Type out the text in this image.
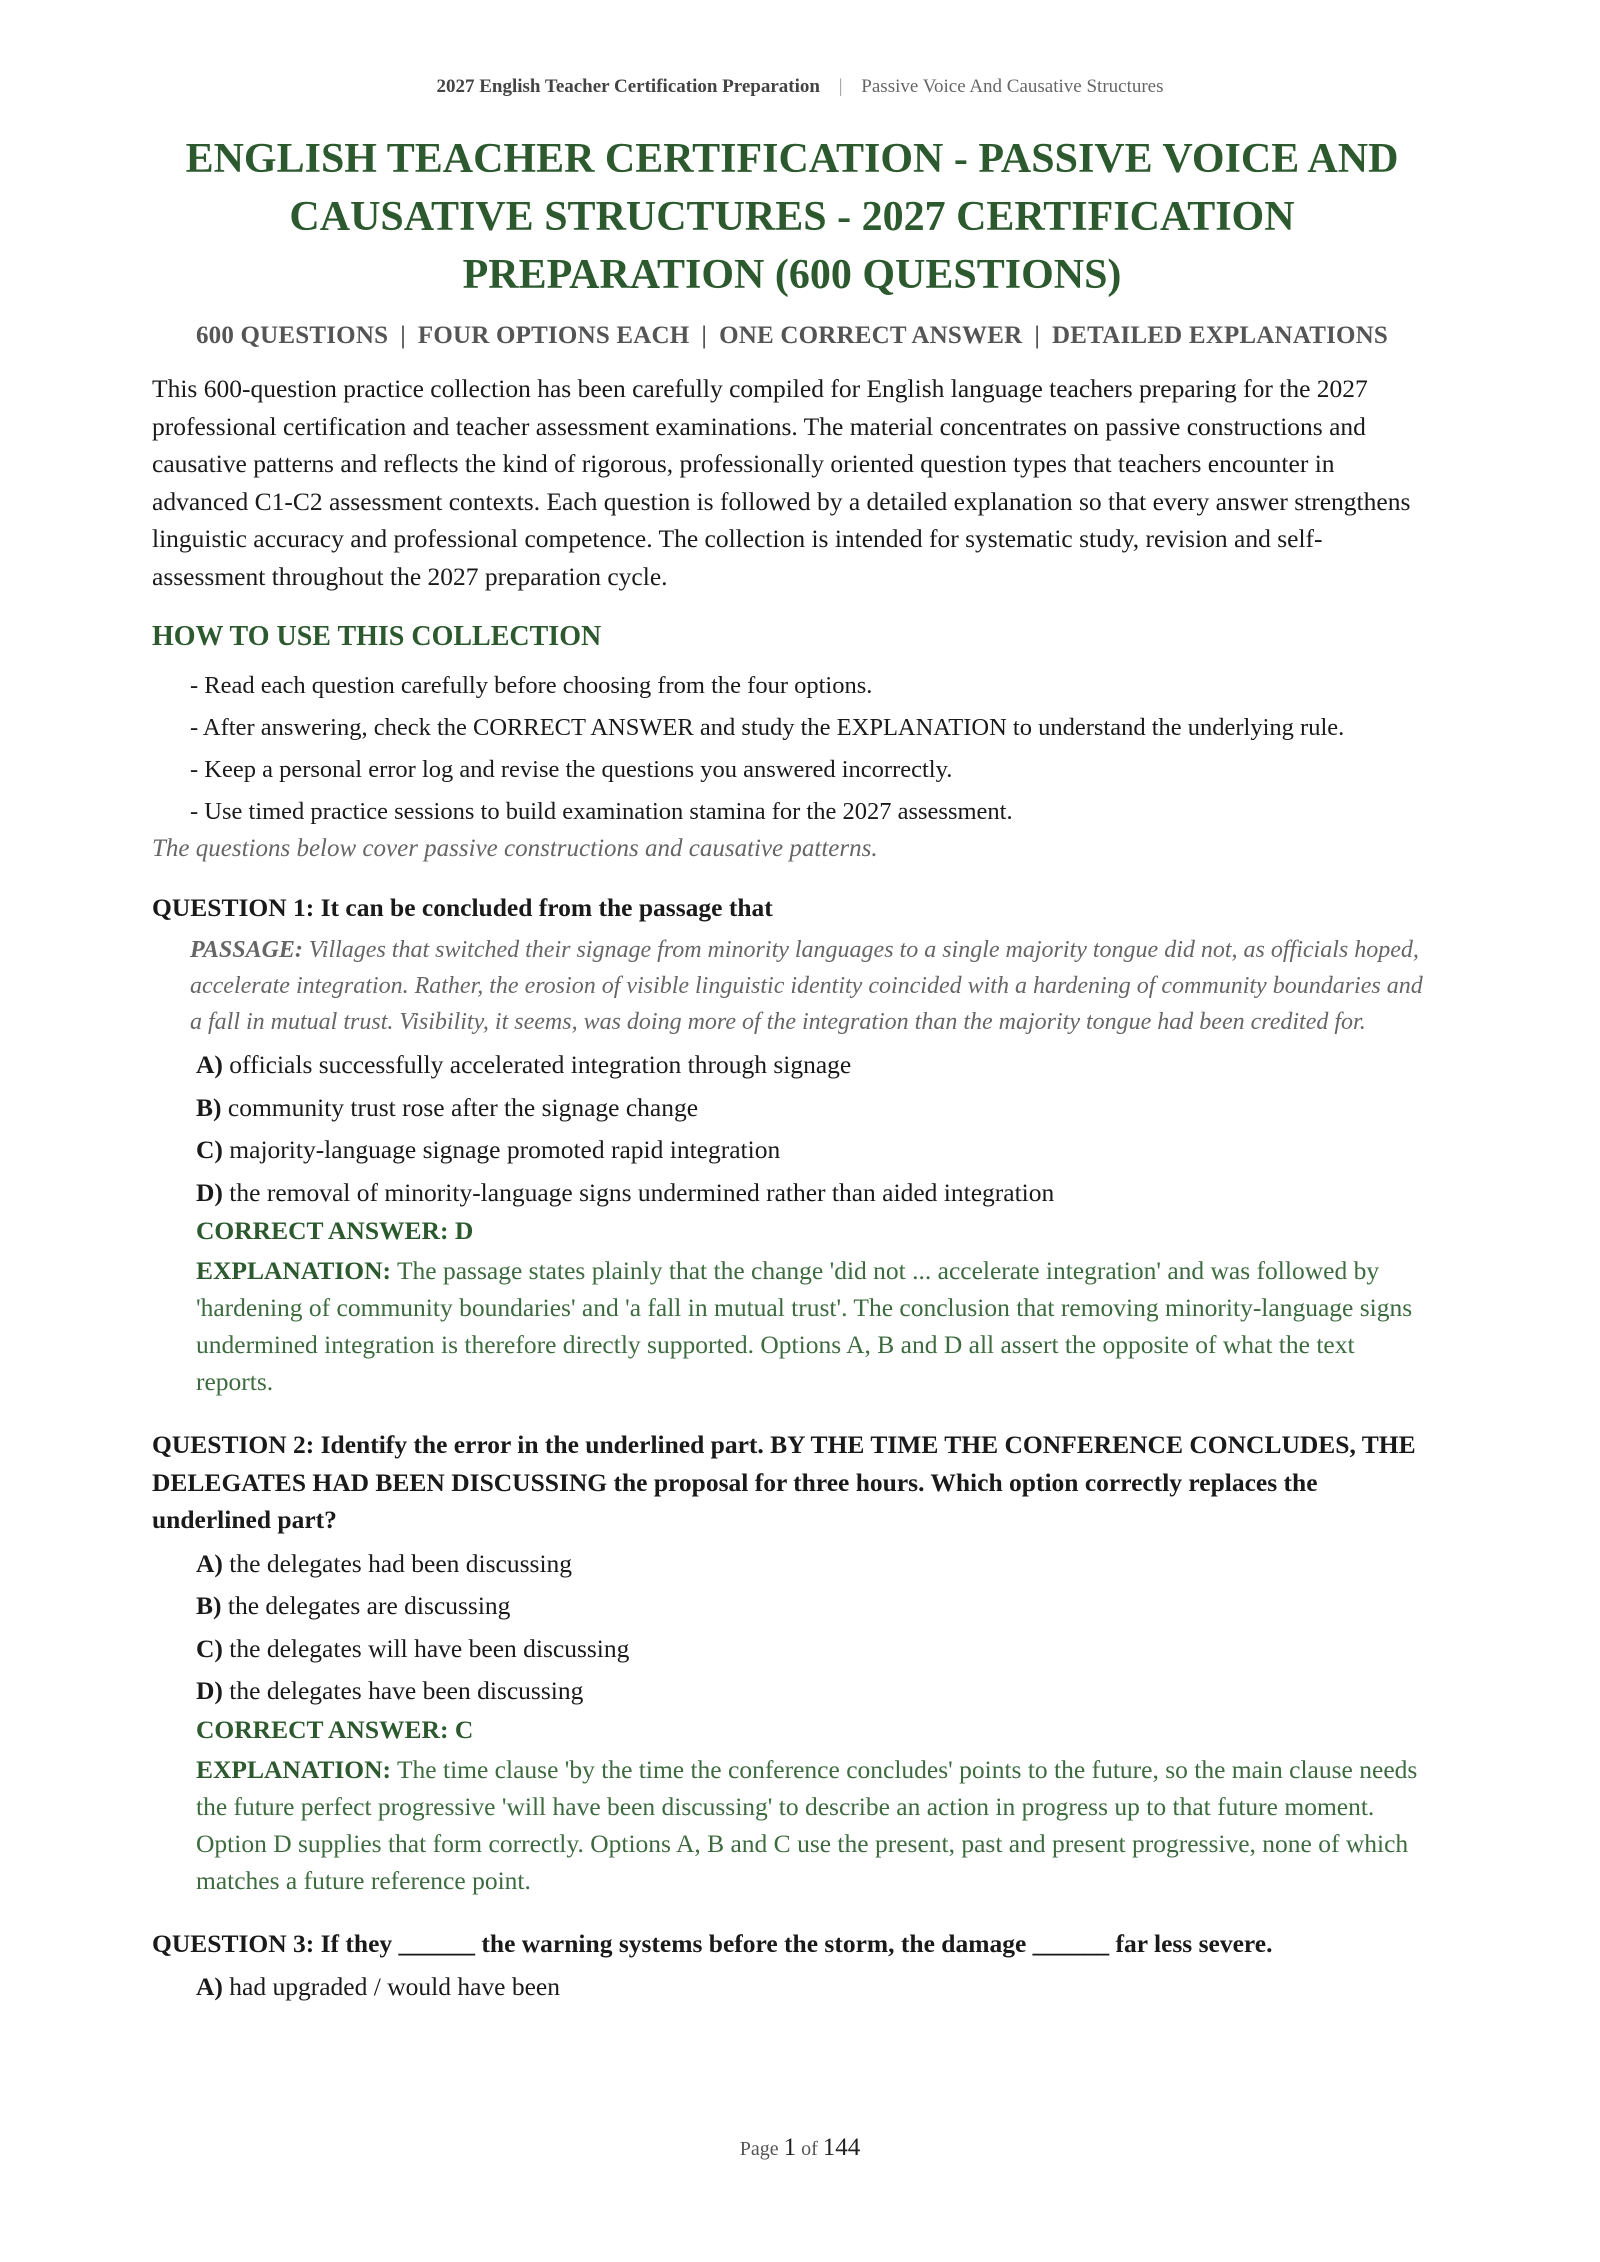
2027 English Teacher Certification Preparation | Passive Voice And Causative Structures
ENGLISH TEACHER CERTIFICATION - PASSIVE VOICE AND CAUSATIVE STRUCTURES - 2027 CERTIFICATION PREPARATION (600 QUESTIONS)
600 QUESTIONS | FOUR OPTIONS EACH | ONE CORRECT ANSWER | DETAILED EXPLANATIONS

This 600-question practice collection has been carefully compiled for English language teachers preparing for the 2027 professional certification and teacher assessment examinations. The material concentrates on passive constructions and causative patterns and reflects the kind of rigorous, professionally oriented question types that teachers encounter in advanced C1-C2 assessment contexts. Each question is followed by a detailed explanation so that every answer strengthens linguistic accuracy and professional competence. The collection is intended for systematic study, revision and self-assessment throughout the 2027 preparation cycle.

HOW TO USE THIS COLLECTION
- Read each question carefully before choosing from the four options.
- After answering, check the CORRECT ANSWER and study the EXPLANATION to understand the underlying rule.
- Keep a personal error log and revise the questions you answered incorrectly.
- Use timed practice sessions to build examination stamina for the 2027 assessment.
The questions below cover passive constructions and causative patterns.
QUESTION 1: It can be concluded from the passage that
PASSAGE: Villages that switched their signage from minority languages to a single majority tongue did not, as officials hoped, accelerate integration. Rather, the erosion of visible linguistic identity coincided with a hardening of community boundaries and a fall in mutual trust. Visibility, it seems, was doing more of the integration than the majority tongue had been credited for.
A) officials successfully accelerated integration through signage
B) community trust rose after the signage change
C) majority-language signage promoted rapid integration
D) the removal of minority-language signs undermined rather than aided integration
CORRECT ANSWER: D
EXPLANATION: The passage states plainly that the change 'did not ... accelerate integration' and was followed by 'hardening of community boundaries' and 'a fall in mutual trust'. The conclusion that removing minority-language signs undermined integration is therefore directly supported. Options A, B and D all assert the opposite of what the text reports.
QUESTION 2: Identify the error in the underlined part. BY THE TIME THE CONFERENCE CONCLUDES, THE DELEGATES HAD BEEN DISCUSSING the proposal for three hours. Which option correctly replaces the underlined part?
A) the delegates had been discussing
B) the delegates are discussing
C) the delegates will have been discussing
D) the delegates have been discussing
CORRECT ANSWER: C
EXPLANATION: The time clause 'by the time the conference concludes' points to the future, so the main clause needs the future perfect progressive 'will have been discussing' to describe an action in progress up to that future moment. Option D supplies that form correctly. Options A, B and C use the present, past and present progressive, none of which matches a future reference point.
QUESTION 3: If they ______ the warning systems before the storm, the damage ______ far less severe.
A) had upgraded / would have been
Page 1 of 144
